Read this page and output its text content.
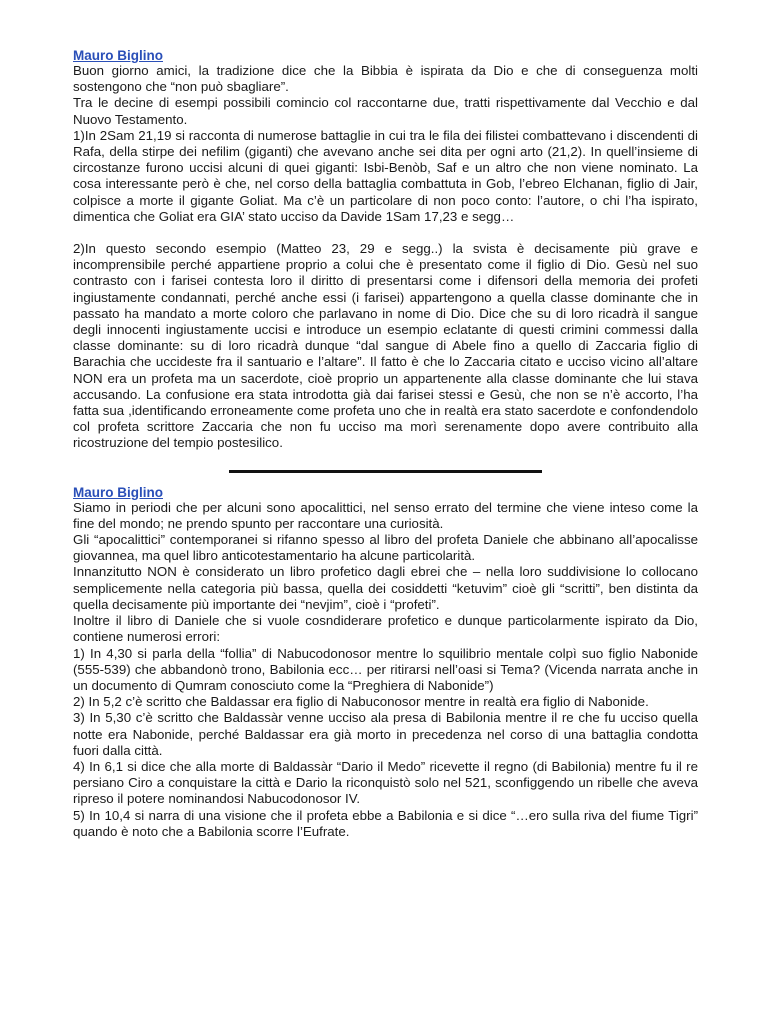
Mauro Biglino

Buon giorno amici, la tradizione dice che la Bibbia è ispirata da Dio e che di conseguenza molti sostengono che “non può sbagliare”.

Tra le decine di esempi possibili comincio col raccontarne due, tratti rispettivamente dal Vecchio e dal Nuovo Testamento.

1)In 2Sam 21,19 si racconta di numerose battaglie in cui tra le fila dei filistei combattevano i discendenti di Rafa, della stirpe dei nefilim (giganti) che avevano anche sei dita per ogni arto (21,2). In quell’insieme di circostanze furono uccisi alcuni di quei giganti: Isbi-Benòb, Saf e un altro che non viene nominato. La cosa interessante però è che, nel corso della battaglia combattuta in Gob, l’ebreo Elchanan, figlio di Jair, colpisce a morte il gigante Goliat. Ma c’è un particolare di non poco conto: l’autore, o chi l’ha ispirato, dimentica che Goliat era GIA’ stato ucciso da Davide 1Sam 17,23 e segg…

2)In questo secondo esempio (Matteo 23, 29 e segg..) la svista è decisamente più grave e incomprensibile perché appartiene proprio a colui che è presentato come il figlio di Dio. Gesù nel suo contrasto con i farisei contesta loro il diritto di presentarsi come i difensori della memoria dei profeti ingiustamente condannati, perché anche essi (i farisei) appartengono a quella classe dominante che in passato ha mandato a morte coloro che parlavano in nome di Dio. Dice che su di loro ricadrà il sangue degli innocenti ingiustamente uccisi e introduce un esempio eclatante di questi crimini commessi dalla classe dominante: su di loro ricadrà dunque “dal sangue di Abele fino a quello di Zaccaria figlio di Barachia che uccideste fra il santuario e l’altare”. Il fatto è che lo Zaccaria citato e ucciso vicino all’altare NON era un profeta ma un sacerdote, cioè proprio un appartenente alla classe dominante che lui stava accusando. La confusione era stata introdotta già dai farisei stessi e Gesù, che non se n’è accorto, l’ha fatta sua ,identificando erroneamente come profeta uno che in realtà era stato sacerdote e confondendolo col profeta scrittore Zaccaria che non fu ucciso ma morì serenamente dopo avere contribuito alla ricostruzione del tempio postesilico.

Mauro Biglino

Siamo in periodi che per alcuni sono apocalittici, nel senso errato del termine che viene inteso come la fine del mondo; ne prendo spunto per raccontare una curiosità.

Gli “apocalittici” contemporanei si rifanno spesso al libro del profeta Daniele che abbinano all’apocalisse giovannea, ma quel libro anticotestamentario ha alcune particolarità.

Innanzitutto NON è considerato un libro profetico dagli ebrei che – nella loro suddivisione lo collocano semplicemente nella categoria più bassa, quella dei cosiddetti “ketuvim” cioè gli “scritti”, ben distinta da quella decisamente più importante dei “nevjim”, cioè i “profeti”.

Inoltre il libro di Daniele che si vuole cosndiderare profetico e dunque particolarmente ispirato da Dio, contiene numerosi errori:

1) In 4,30 si parla della “follia” di Nabucodonosor mentre lo squilibrio mentale colpì suo figlio Nabonide (555-539) che abbandonò trono, Babilonia ecc… per ritirarsi nell’oasi si Tema? (Vicenda narrata anche in un documento di Qumram conosciuto come la “Preghiera di Nabonide”)

2) In 5,2 c’è scritto che Baldassar era figlio di Nabuconosor mentre in realtà era figlio di Nabonide.

3) In 5,30 c’è scritto che Baldassàr venne ucciso ala presa di Babilonia mentre il re che fu ucciso quella notte era Nabonide, perché Baldassar era già morto in precedenza nel corso di una battaglia condotta fuori dalla città.

4) In 6,1 si dice che alla morte di Baldassàr “Dario il Medo” ricevette il regno (di Babilonia) mentre fu il re persiano Ciro a conquistare la città e Dario la riconquistò solo nel 521, sconfiggendo un ribelle che aveva ripreso il potere nominandosi Nabucodonosor IV.

5) In 10,4 si narra di una visione che il profeta ebbe a Babilonia e si dice “…ero sulla riva del fiume Tigri” quando è noto che a Babilonia scorre l’Eufrate.
